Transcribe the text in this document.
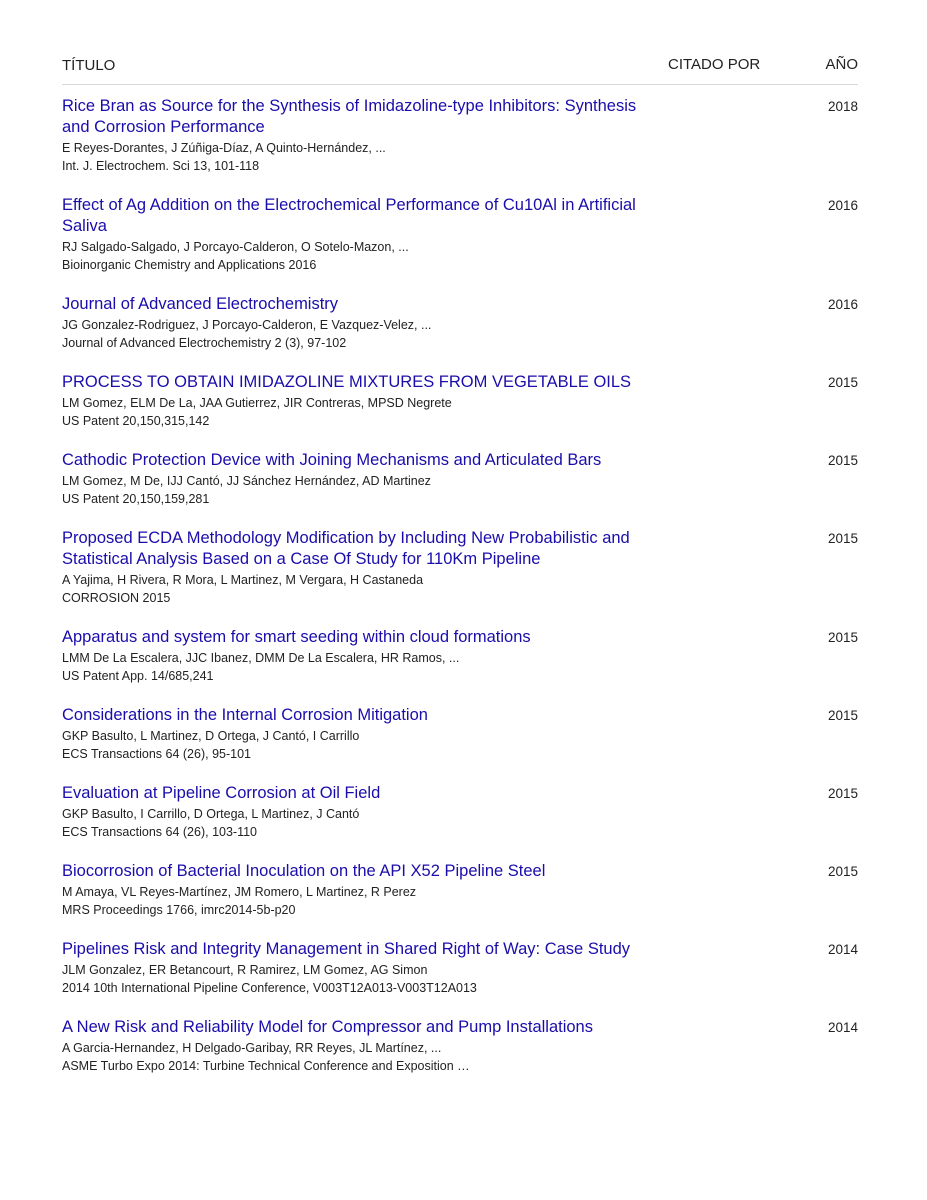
TÍTULO	CITADO POR	AÑO
Rice Bran as Source for the Synthesis of Imidazoline-type Inhibitors: Synthesis and Corrosion Performance
E Reyes-Dorantes, J Zúñiga-Díaz, A Quinto-Hernández, ...
Int. J. Electrochem. Sci 13, 101-118
2018
Effect of Ag Addition on the Electrochemical Performance of Cu10Al in Artificial Saliva
RJ Salgado-Salgado, J Porcayo-Calderon, O Sotelo-Mazon, ...
Bioinorganic Chemistry and Applications 2016
2016
Journal of Advanced Electrochemistry
JG Gonzalez-Rodriguez, J Porcayo-Calderon, E Vazquez-Velez, ...
Journal of Advanced Electrochemistry 2 (3), 97-102
2016
PROCESS TO OBTAIN IMIDAZOLINE MIXTURES FROM VEGETABLE OILS
LM Gomez, ELM De La, JAA Gutierrez, JIR Contreras, MPSD Negrete
US Patent 20,150,315,142
2015
Cathodic Protection Device with Joining Mechanisms and Articulated Bars
LM Gomez, M De, IJJ Cantó, JJ Sánchez Hernández, AD Martinez
US Patent 20,150,159,281
2015
Proposed ECDA Methodology Modification by Including New Probabilistic and Statistical Analysis Based on a Case Of Study for 110Km Pipeline
A Yajima, H Rivera, R Mora, L Martinez, M Vergara, H Castaneda
CORROSION 2015
2015
Apparatus and system for smart seeding within cloud formations
LMM De La Escalera, JJC Ibanez, DMM De La Escalera, HR Ramos, ...
US Patent App. 14/685,241
2015
Considerations in the Internal Corrosion Mitigation
GKP Basulto, L Martinez, D Ortega, J Cantó, I Carrillo
ECS Transactions 64 (26), 95-101
2015
Evaluation at Pipeline Corrosion at Oil Field
GKP Basulto, I Carrillo, D Ortega, L Martinez, J Cantó
ECS Transactions 64 (26), 103-110
2015
Biocorrosion of Bacterial Inoculation on the API X52 Pipeline Steel
M Amaya, VL Reyes-Martínez, JM Romero, L Martinez, R Perez
MRS Proceedings 1766, imrc2014-5b-p20
2015
Pipelines Risk and Integrity Management in Shared Right of Way: Case Study
JLM Gonzalez, ER Betancourt, R Ramirez, LM Gomez, AG Simon
2014 10th International Pipeline Conference, V003T12A013-V003T12A013
2014
A New Risk and Reliability Model for Compressor and Pump Installations
A Garcia-Hernandez, H Delgado-Garibay, RR Reyes, JL Martínez, ...
ASME Turbo Expo 2014: Turbine Technical Conference and Exposition …
2014
